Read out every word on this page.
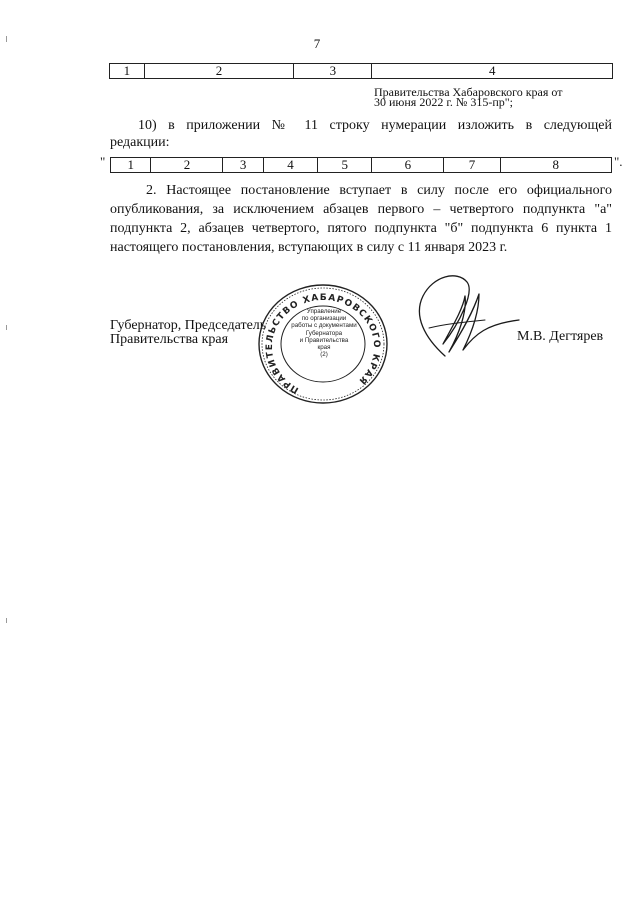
7
1	2	3	4
Правительства Хабаровского края от
30 июня 2022 г. № 315-пр";
10) в приложении № 11 строку нумерации изложить в следующей
редакции:
" 1	2	3	4	5	6	7	8	".
2. Настоящее постановление вступает в силу после его официального
опубликования, за исключением абзацев первого – четвертого подпункта "а"
подпункта 2, абзацев четвертого, пятого подпункта "б" подпункта 6 пункта 1
настоящего постановления, вступающих в силу с 11 января 2023 г.
Губернатор, Председатель
Правительства края	М.В. Дегтярев
ПРАВИТЕЛЬСТВО ХАБАРОВСКОГО КРАЯ
Управление
по организации
работы с документами
Губернатора
и Правительства
края
(2)
